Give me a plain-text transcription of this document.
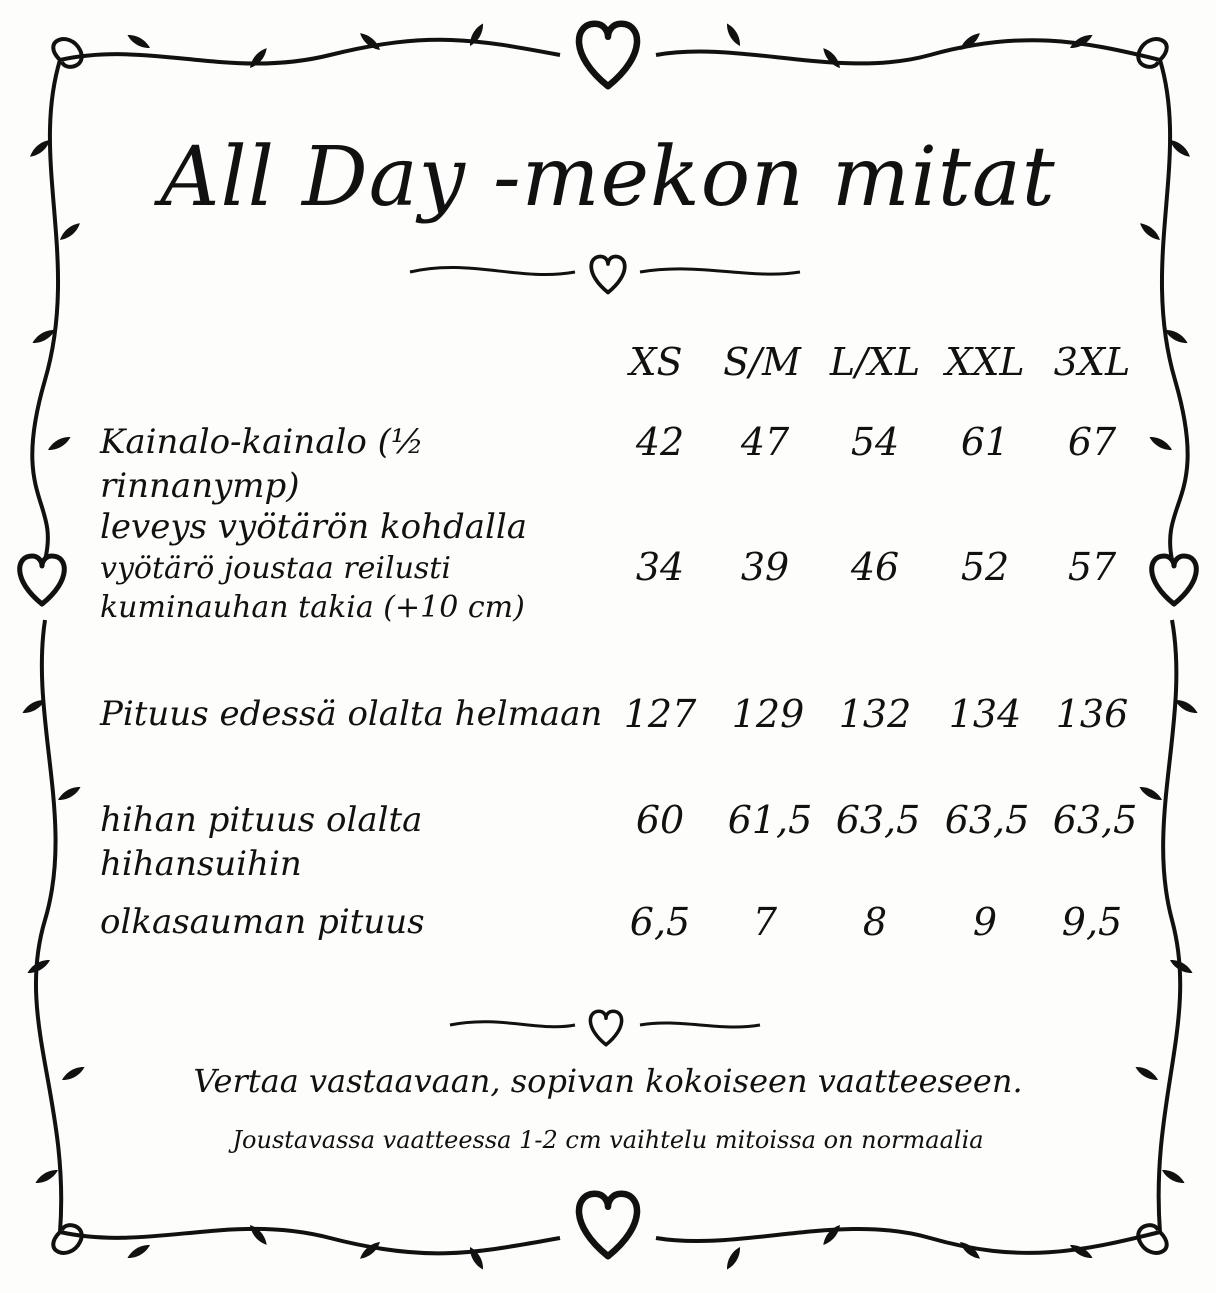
All Day -mekon mitat
XS	S/M L/XL XXL 3XL
Kainalo-kainalo (½ rinnanymp)
42	47	54	61	67
leveys vyötärön kohdalla
vyötärö joustaa reilusti kuminauhan takia (+10 cm)
34	39	46	52	57
Pituus edessä olalta helmaan 127 129 132 134 136
hihan pituus olalta hihansuihin
60	61,5 63,5 63,5 63,5
olkasauman pituus	6,5	7	8	9	9,5
Vertaa vastaavaan, sopivan kokoiseen vaatteeseen.
Joustavassa vaatteessa 1-2 cm vaihtelu mitoissa on normaalia
